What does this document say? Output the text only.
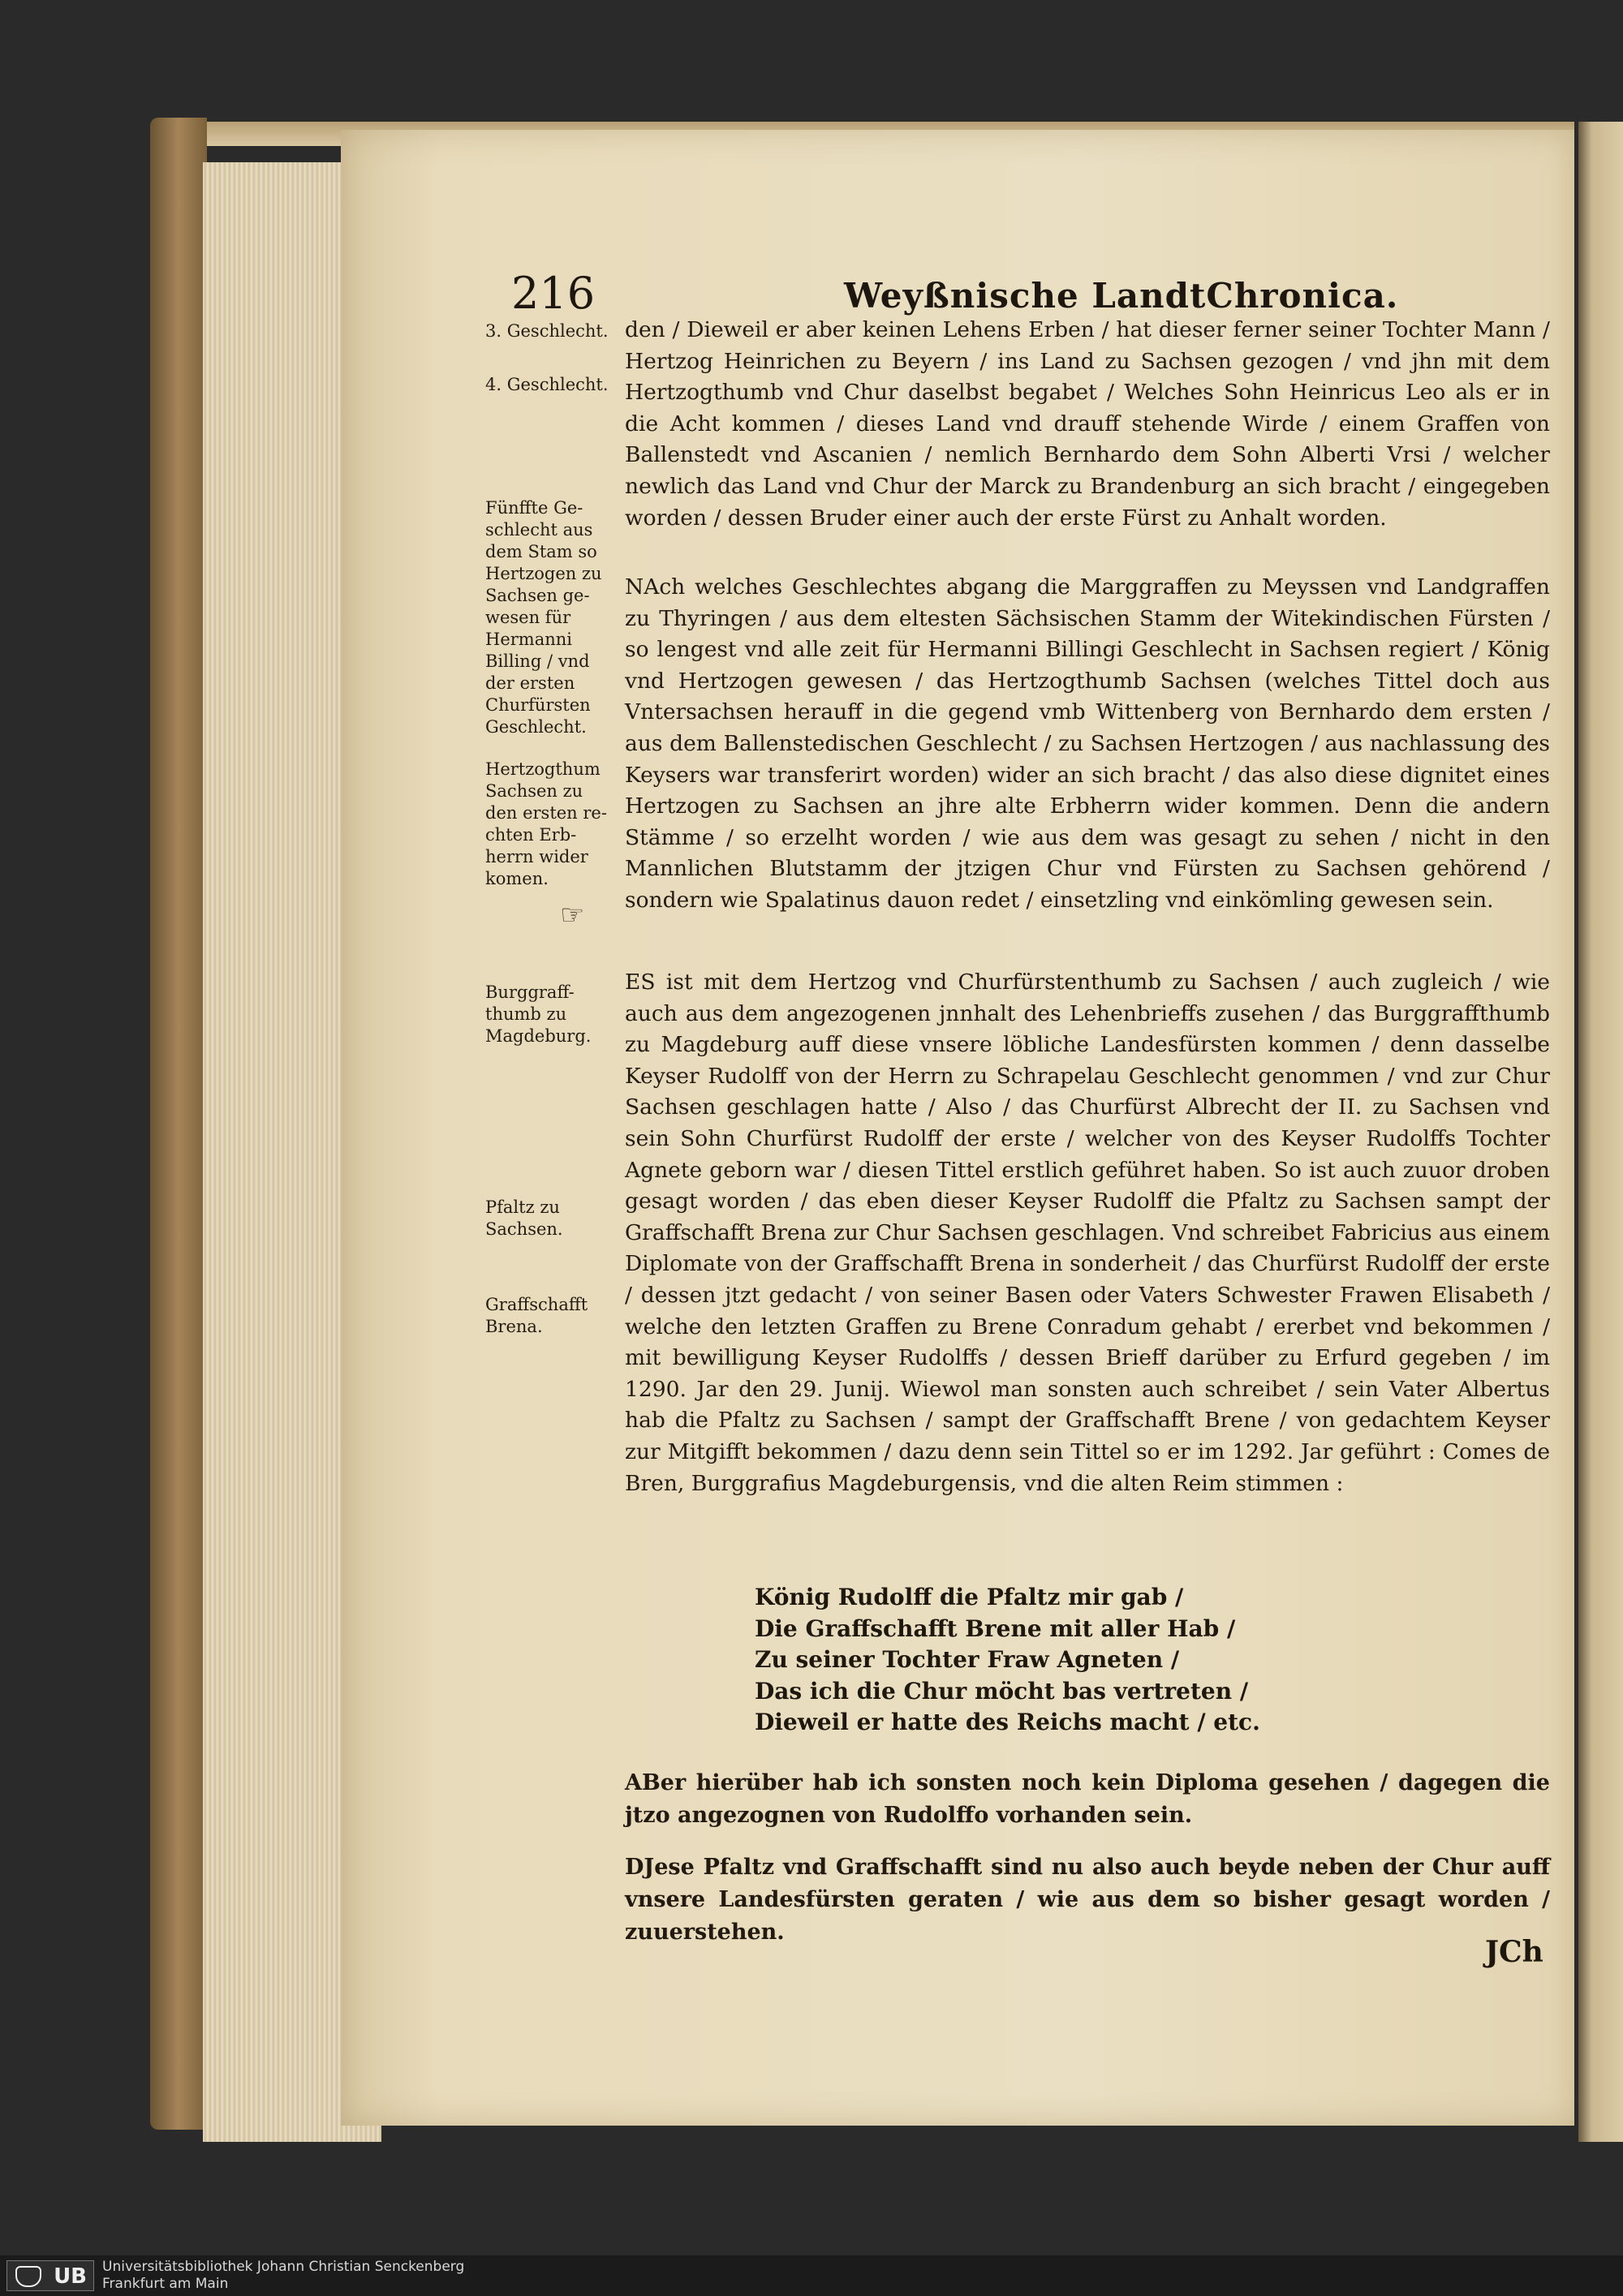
216	Weyßnische LandtChronica.
3. Geschlecht.
4. Geschlecht.
Fünffte Ge-
schlecht aus
dem Stam so
Hertzogen zu
Sachsen ge-
wesen für
Hermanni
Billing / vnd
der ersten
Churfürsten
Geschlecht.
Hertzogthum
Sachsen zu
den ersten re-
chten Erb-
herrn wider
komen.
Burggraff-
thumb zu
Magdeburg.
Pfaltz zu
Sachsen.
Graffschafft
Brena.
☞

den / Dieweil er aber keinen Lehens Erben / hat dieser ferner seiner Tochter Mann / Hertzog Heinrichen zu Beyern / ins Land zu Sachsen gezogen / vnd jhn mit dem Hertzogthumb vnd Chur daselbst begabet / Welches Sohn Heinricus Leo als er in die Acht kommen / dieses Land vnd drauff stehende Wirde / einem Graffen von Ballenstedt vnd Ascanien / nemlich Bernhardo dem Sohn Alberti Vrsi / welcher newlich das Land vnd Chur der Marck zu Brandenburg an sich bracht / eingegeben worden / dessen Bruder einer auch der erste Fürst zu Anhalt worden.

NAch welches Geschlechtes abgang die Marggraffen zu Meyssen vnd Landgraffen zu Thyringen / aus dem eltesten Sächsischen Stamm der Witekindischen Fürsten / so lengest vnd alle zeit für Hermanni Billingi Geschlecht in Sachsen regiert / König vnd Hertzogen gewesen / das Hertzogthumb Sachsen (welches Tittel doch aus Vntersachsen herauff in die gegend vmb Wittenberg von Bernhardo dem ersten / aus dem Ballenstedischen Geschlecht / zu Sachsen Hertzogen / aus nachlassung des Keysers war transferirt worden) wider an sich bracht / das also diese dignitet eines Hertzogen zu Sachsen an jhre alte Erbherrn wider kommen. Denn die andern Stämme / so erzelht worden / wie aus dem was gesagt zu sehen / nicht in den Mannlichen Blutstamm der jtzigen Chur vnd Fürsten zu Sachsen gehörend / sondern wie Spalatinus dauon redet / einsetzling vnd einkömling gewesen sein.

ES ist mit dem Hertzog vnd Churfürstenthumb zu Sachsen / auch zugleich / wie auch aus dem angezogenen jnnhalt des Lehenbrieffs zusehen / das Burggraffthumb zu Magdeburg auff diese vnsere löbliche Landesfürsten kommen / denn dasselbe Keyser Rudolff von der Herrn zu Schrapelau Geschlecht genommen / vnd zur Chur Sachsen geschlagen hatte / Also / das Churfürst Albrecht der II. zu Sachsen vnd sein Sohn Churfürst Rudolff der erste / welcher von des Keyser Rudolffs Tochter Agnete geborn war / diesen Tittel erstlich geführet haben. So ist auch zuuor droben gesagt worden / das eben dieser Keyser Rudolff die Pfaltz zu Sachsen sampt der Graffschafft Brena zur Chur Sachsen geschlagen. Vnd schreibet Fabricius aus einem Diplomate von der Graffschafft Brena in sonderheit / das Churfürst Rudolff der erste / dessen jtzt gedacht / von seiner Basen oder Vaters Schwester Frawen Elisabeth / welche den letzten Graffen zu Brene Conradum gehabt / ererbet vnd bekommen / mit bewilligung Keyser Rudolffs / dessen Brieff darüber zu Erfurd gegeben / im 1290. Jar den 29. Junij. Wiewol man sonsten auch schreibet / sein Vater Albertus hab die Pfaltz zu Sachsen / sampt der Graffschafft Brene / von gedachtem Keyser zur Mitgifft bekommen / dazu denn sein Tittel so er im 1292. Jar geführt : Comes de Bren, Burggrafius Magdeburgensis, vnd die alten Reim stimmen :

König Rudolff die Pfaltz mir gab /
Die Graffschafft Brene mit aller Hab /
Zu seiner Tochter Fraw Agneten /
Das ich die Chur möcht bas vertreten /
Dieweil er hatte des Reichs macht / etc.

ABer hierüber hab ich sonsten noch kein Diploma gesehen / dagegen die jtzo angezognen von Rudolffo vorhanden sein.

DJese Pfaltz vnd Graffschafft sind nu also auch beyde neben der Chur auff vnsere Landesfürsten geraten / wie aus dem so bisher gesagt worden / zuuerstehen.

JCh
UB	Universitätsbibliothek Johann Christian Senckenberg
Frankfurt am Main
